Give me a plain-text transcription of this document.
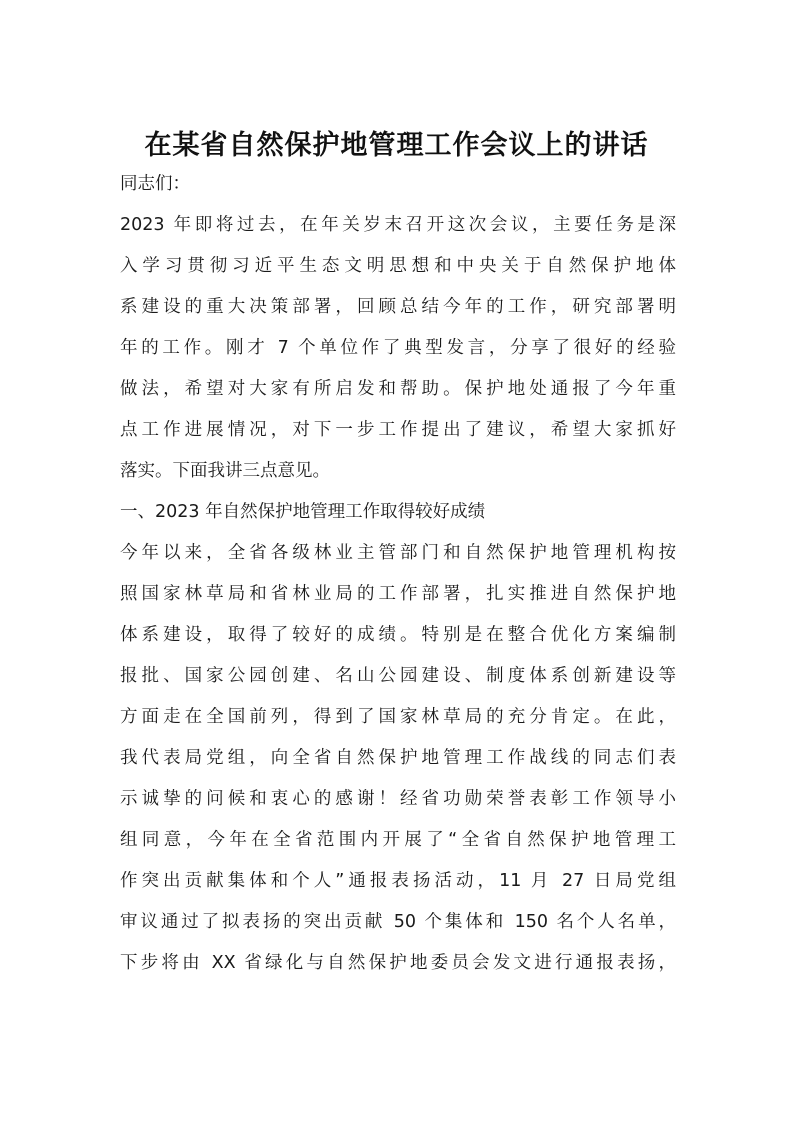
在某省自然保护地管理工作会议上的讲话
同志们：
2023 年即将过去，在年关岁末召开这次会议，主要任务是深
入学习贯彻习近平生态文明思想和中央关于自然保护地体
系建设的重大决策部署，回顾总结今年的工作，研究部署明
年的工作。刚才 7 个单位作了典型发言，分享了很好的经验
做法，希望对大家有所启发和帮助。保护地处通报了今年重
点工作进展情况，对下一步工作提出了建议，希望大家抓好
落实。下面我讲三点意见。
一、2023 年自然保护地管理工作取得较好成绩
今年以来，全省各级林业主管部门和自然保护地管理机构按
照国家林草局和省林业局的工作部署，扎实推进自然保护地
体系建设，取得了较好的成绩。特别是在整合优化方案编制
报批、国家公园创建、名山公园建设、制度体系创新建设等
方面走在全国前列，得到了国家林草局的充分肯定。在此，
我代表局党组，向全省自然保护地管理工作战线的同志们表
示诚挚的问候和衷心的感谢！经省功勋荣誉表彰工作领导小
组同意，今年在全省范围内开展了“全省自然保护地管理工
作突出贡献集体和个人”通报表扬活动，11 月 27 日局党组
审议通过了拟表扬的突出贡献 50 个集体和 150 名个人名单，
下步将由 XX 省绿化与自然保护地委员会发文进行通报表扬，
